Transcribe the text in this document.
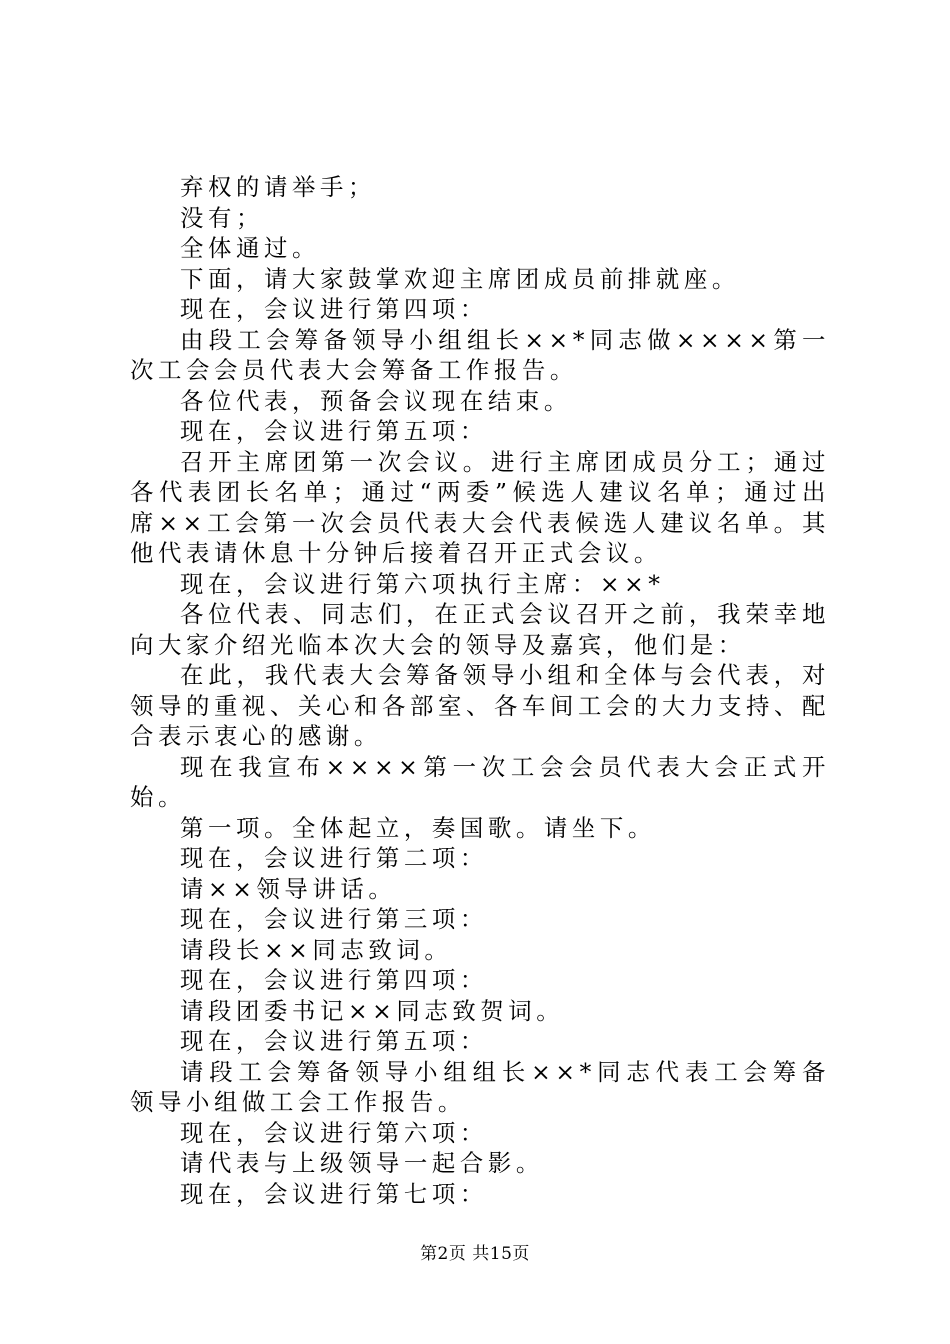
弃权的请举手；

没有；

全体通过。

下面，请大家鼓掌欢迎主席团成员前排就座。

现在，会议进行第四项：

由段工会筹备领导小组组长××*同志做××××第一次工会会员代表大会筹备工作报告。

各位代表，预备会议现在结束。

现在，会议进行第五项：

召开主席团第一次会议。进行主席团成员分工；通过各代表团长名单；通过“两委”候选人建议名单；通过出席××工会第一次会员代表大会代表候选人建议名单。其他代表请休息十分钟后接着召开正式会议。

现在，会议进行第六项执行主席：××*

各位代表、同志们，在正式会议召开之前，我荣幸地向大家介绍光临本次大会的领导及嘉宾，他们是：

在此，我代表大会筹备领导小组和全体与会代表，对领导的重视、关心和各部室、各车间工会的大力支持、配合表示衷心的感谢。

现在我宣布××××第一次工会会员代表大会正式开始。

第一项。全体起立，奏国歌。请坐下。

现在，会议进行第二项：

请××领导讲话。

现在，会议进行第三项：

请段长××同志致词。

现在，会议进行第四项：

请段团委书记××同志致贺词。

现在，会议进行第五项：

请段工会筹备领导小组组长××*同志代表工会筹备领导小组做工会工作报告。

现在，会议进行第六项：

请代表与上级领导一起合影。

现在，会议进行第七项：

第2页 共15页
